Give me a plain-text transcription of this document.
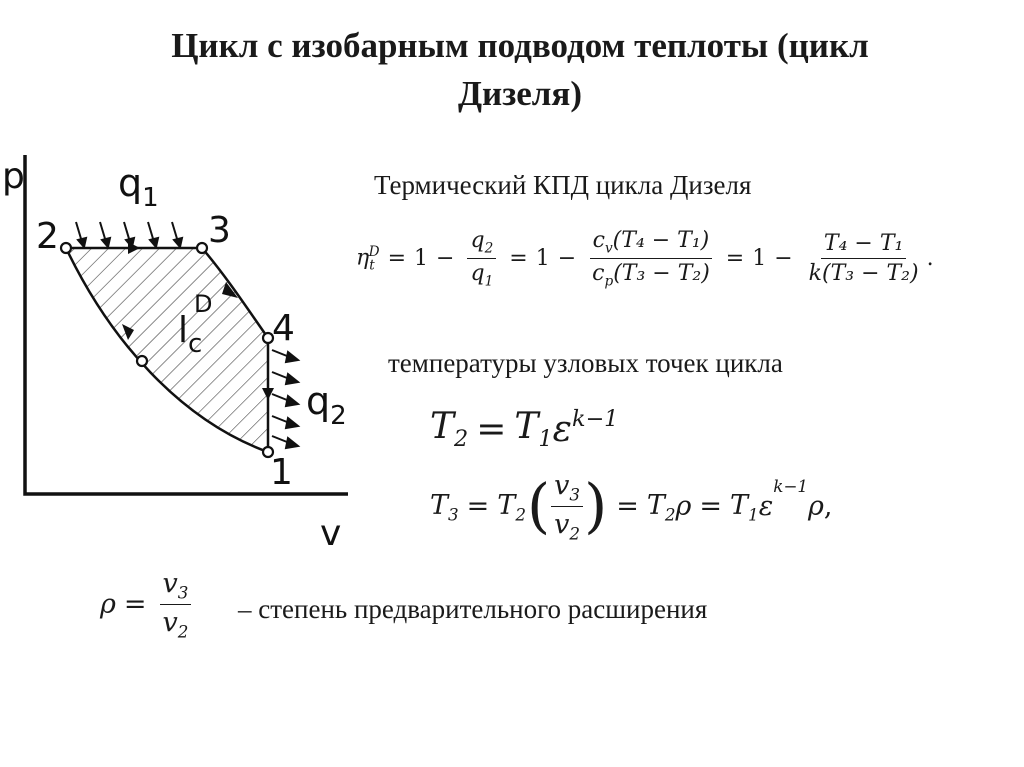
Цикл с изобарным подводом теплоты (цикл
Дизеля)
p
v
1
2	3
4
$q_1$
$q_2$
$l_c$
D
Термический КПД цикла Дизеля
$\eta_t^D = 1 - \frac{q_2}{q_1} = 1 - \frac{c_v(T_4 - T_1)}{c_p(T_3 - T_2)} = 1 - \frac{\text{T₄ − T₁}}{\text{k(T₃ − T₂)}}$ .
температуры узловых точек цикла
$T_2 = T_1$ $\varepsilon^{k-1}$
$T_3 = T_2$ ( $\frac{v_3}{v_2}$ ) = $T_2$ $\rho = T_1$ ε
$^{k-1}$
ρ ,
$\rho = \frac{v_3}{v_2}$ – степень предварительного расширения
